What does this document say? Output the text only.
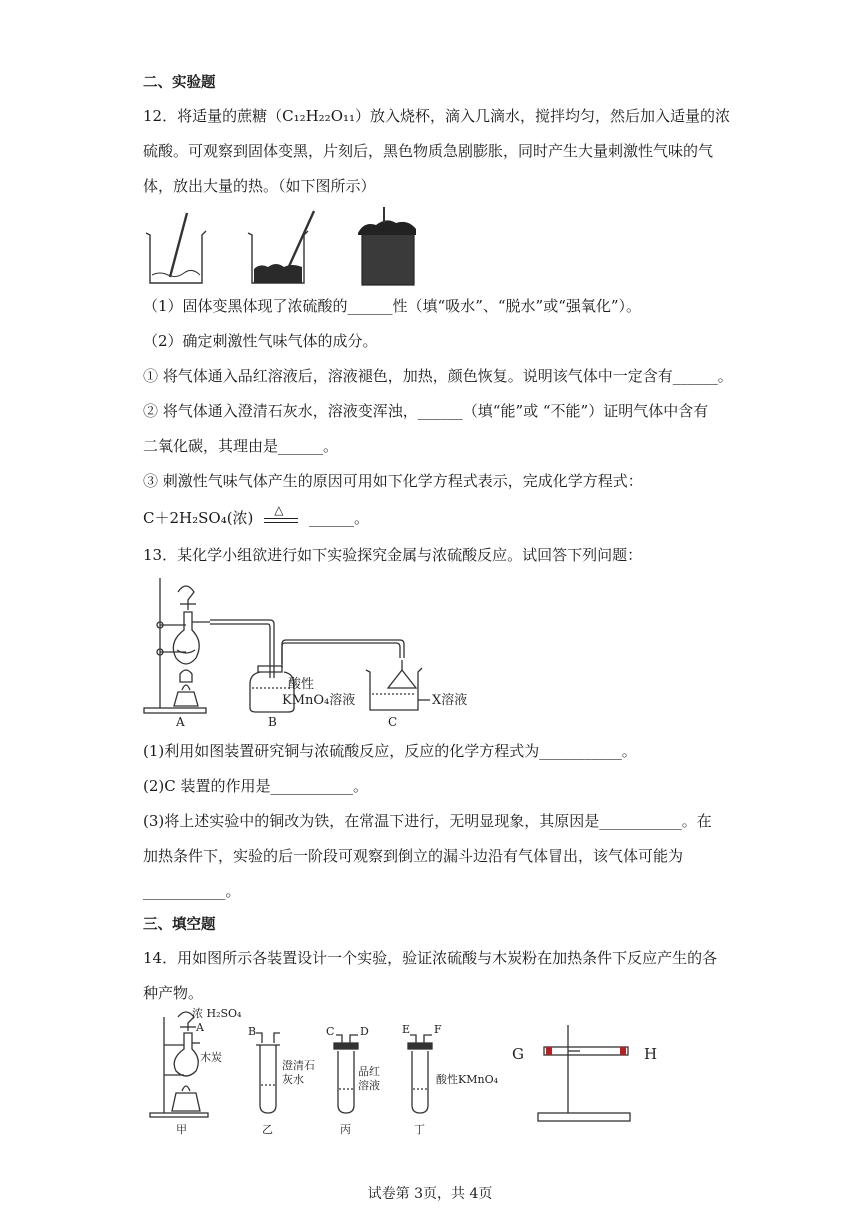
二、实验题
12．将适量的蔗糖（C₁₂H₂₂O₁₁）放入烧杯，滴入几滴水，搅拌均匀，然后加入适量的浓
硫酸。可观察到固体变黑，片刻后，黑色物质急剧膨胀，同时产生大量刺激性气味的气
体，放出大量的热。（如下图所示）
（1）固体变黑体现了浓硫酸的______性（填“吸水”、“脱水”或“强氧化”）。
（2）确定刺激性气味气体的成分。
① 将气体通入品红溶液后，溶液褪色，加热，颜色恢复。说明该气体中一定含有______。
② 将气体通入澄清石灰水，溶液变浑浊，______（填“能”或 “不能”）证明气体中含有
二氧化碳，其理由是______。
③ 刺激性气味气体产生的原因可用如下化学方程式表示，完成化学方程式：
C＋2H₂SO₄(浓) △ ______。
13．某化学小组欲进行如下实验探究金属与浓硫酸反应。试回答下列问题：
酸性
KMnO₄溶液	X溶液
A	B	C
(1)利用如图装置研究铜与浓硫酸反应，反应的化学方程式为___________。
(2)C 装置的作用是___________。
(3)将上述实验中的铜改为铁，在常温下进行，无明显现象，其原因是___________。在
加热条件下，实验的后一阶段可观察到倒立的漏斗边沿有气体冒出，该气体可能为
___________。
三、填空题
14．用如图所示各装置设计一个实验，验证浓硫酸与木炭粉在加热条件下反应产生的各
种产物。
浓 H₂SO₄
A
木炭
B
澄清石
灰水
C D
品红
溶液
E F
酸性KMnO₄
甲	乙	丙	丁
G	H
试卷第 3页，共 4页
